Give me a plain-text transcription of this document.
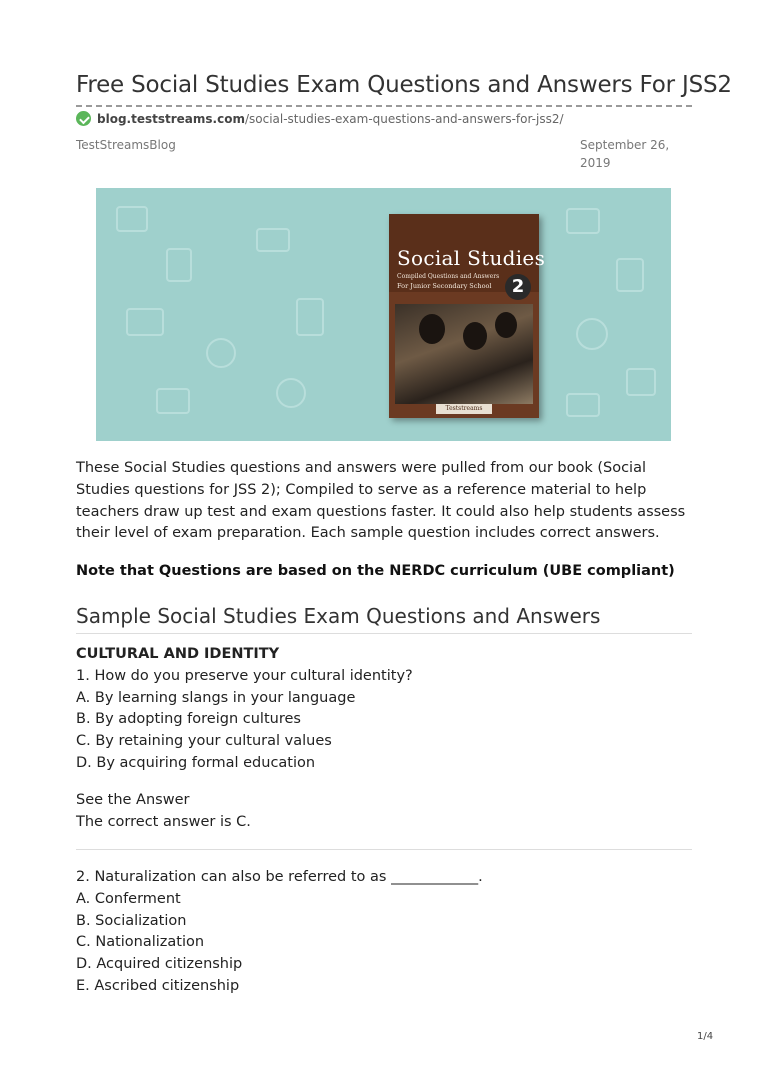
Free Social Studies Exam Questions and Answers For JSS2
blog.teststreams.com /social-studies-exam-questions-and-answers-for-jss2/
TestStreamsBlog	September 26, 2019
Social Studies
Compiled Questions and Answers
For Junior Secondary School	2
Teststreams

These Social Studies questions and answers were pulled from our book (Social Studies questions for JSS 2); Compiled to serve as a reference material to help teachers draw up test and exam questions faster. It could also help students assess their level of exam preparation. Each sample question includes correct answers.

Note that Questions are based on the NERDC curriculum (UBE compliant)

Sample Social Studies Exam Questions and Answers
CULTURAL AND IDENTITY
1. How do you preserve your cultural identity?
A. By learning slangs in your language
B. By adopting foreign cultures
C. By retaining your cultural values
D. By acquiring formal education
See the Answer
The correct answer is C.
2. Naturalization can also be referred to as ____________.
A. Conferment
B. Socialization
C. Nationalization
D. Acquired citizenship
E. Ascribed citizenship
1/4
